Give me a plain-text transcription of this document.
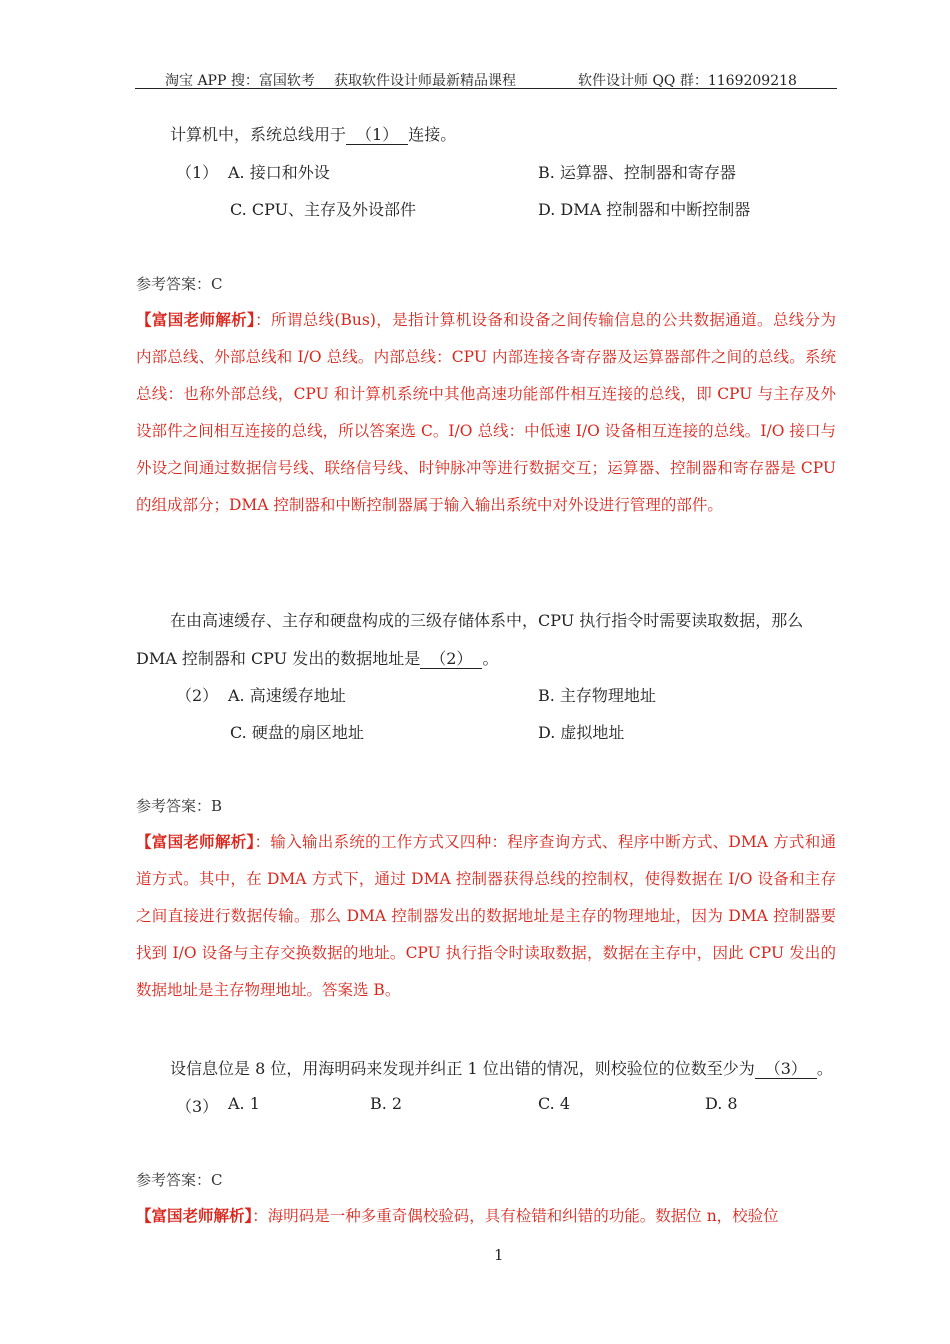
淘宝 APP 搜：富国软考 获取软件设计师最新精品课程	软件设计师 QQ 群：1169209218
计算机中，系统总线用于 （1） 连接。
（1） A. 接口和外设	B. 运算器、控制器和寄存器
C. CPU、主存及外设部件	D. DMA 控制器和中断控制器
参考答案：C
【富国老师解析】：所谓总线(Bus)，是指计算机设备和设备之间传输信息的公共数据通道。总线分为内部总线、外部总线和 I/O 总线。内部总线：CPU 内部连接各寄存器及运算器部件之间的总线。系统总线：也称外部总线，CPU 和计算机系统中其他高速功能部件相互连接的总线，即 CPU 与主存及外设部件之间相互连接的总线，所以答案选 C。I/O 总线：中低速 I/O 设备相互连接的总线。I/O 接口与外设之间通过数据信号线、联络信号线、时钟脉冲等进行数据交互；运算器、控制器和寄存器是 CPU 的组成部分；DMA 控制器和中断控制器属于输入输出系统中对外设进行管理的部件。
在由高速缓存、主存和硬盘构成的三级存储体系中，CPU 执行指令时需要读取数据，那么
DMA 控制器和 CPU 发出的数据地址是 （2） 。
（2） A. 高速缓存地址	B. 主存物理地址
C. 硬盘的扇区地址	D. 虚拟地址
参考答案：B
【富国老师解析】：输入输出系统的工作方式又四种：程序查询方式、程序中断方式、DMA 方式和通道方式。其中，在 DMA 方式下，通过 DMA 控制器获得总线的控制权，使得数据在 I/O 设备和主存之间直接进行数据传输。那么 DMA 控制器发出的数据地址是主存的物理地址，因为 DMA 控制器要找到 I/O 设备与主存交换数据的地址。CPU 执行指令时读取数据，数据在主存中，因此 CPU 发出的数据地址是主存物理地址。答案选 B。
设信息位是 8 位，用海明码来发现并纠正 1 位出错的情况，则校验位的位数至少为 （3） 。
（3） A. 1	B. 2	C. 4	D. 8
参考答案：C
【富国老师解析】：海明码是一种多重奇偶校验码，具有检错和纠错的功能。数据位 n，校验位
1
